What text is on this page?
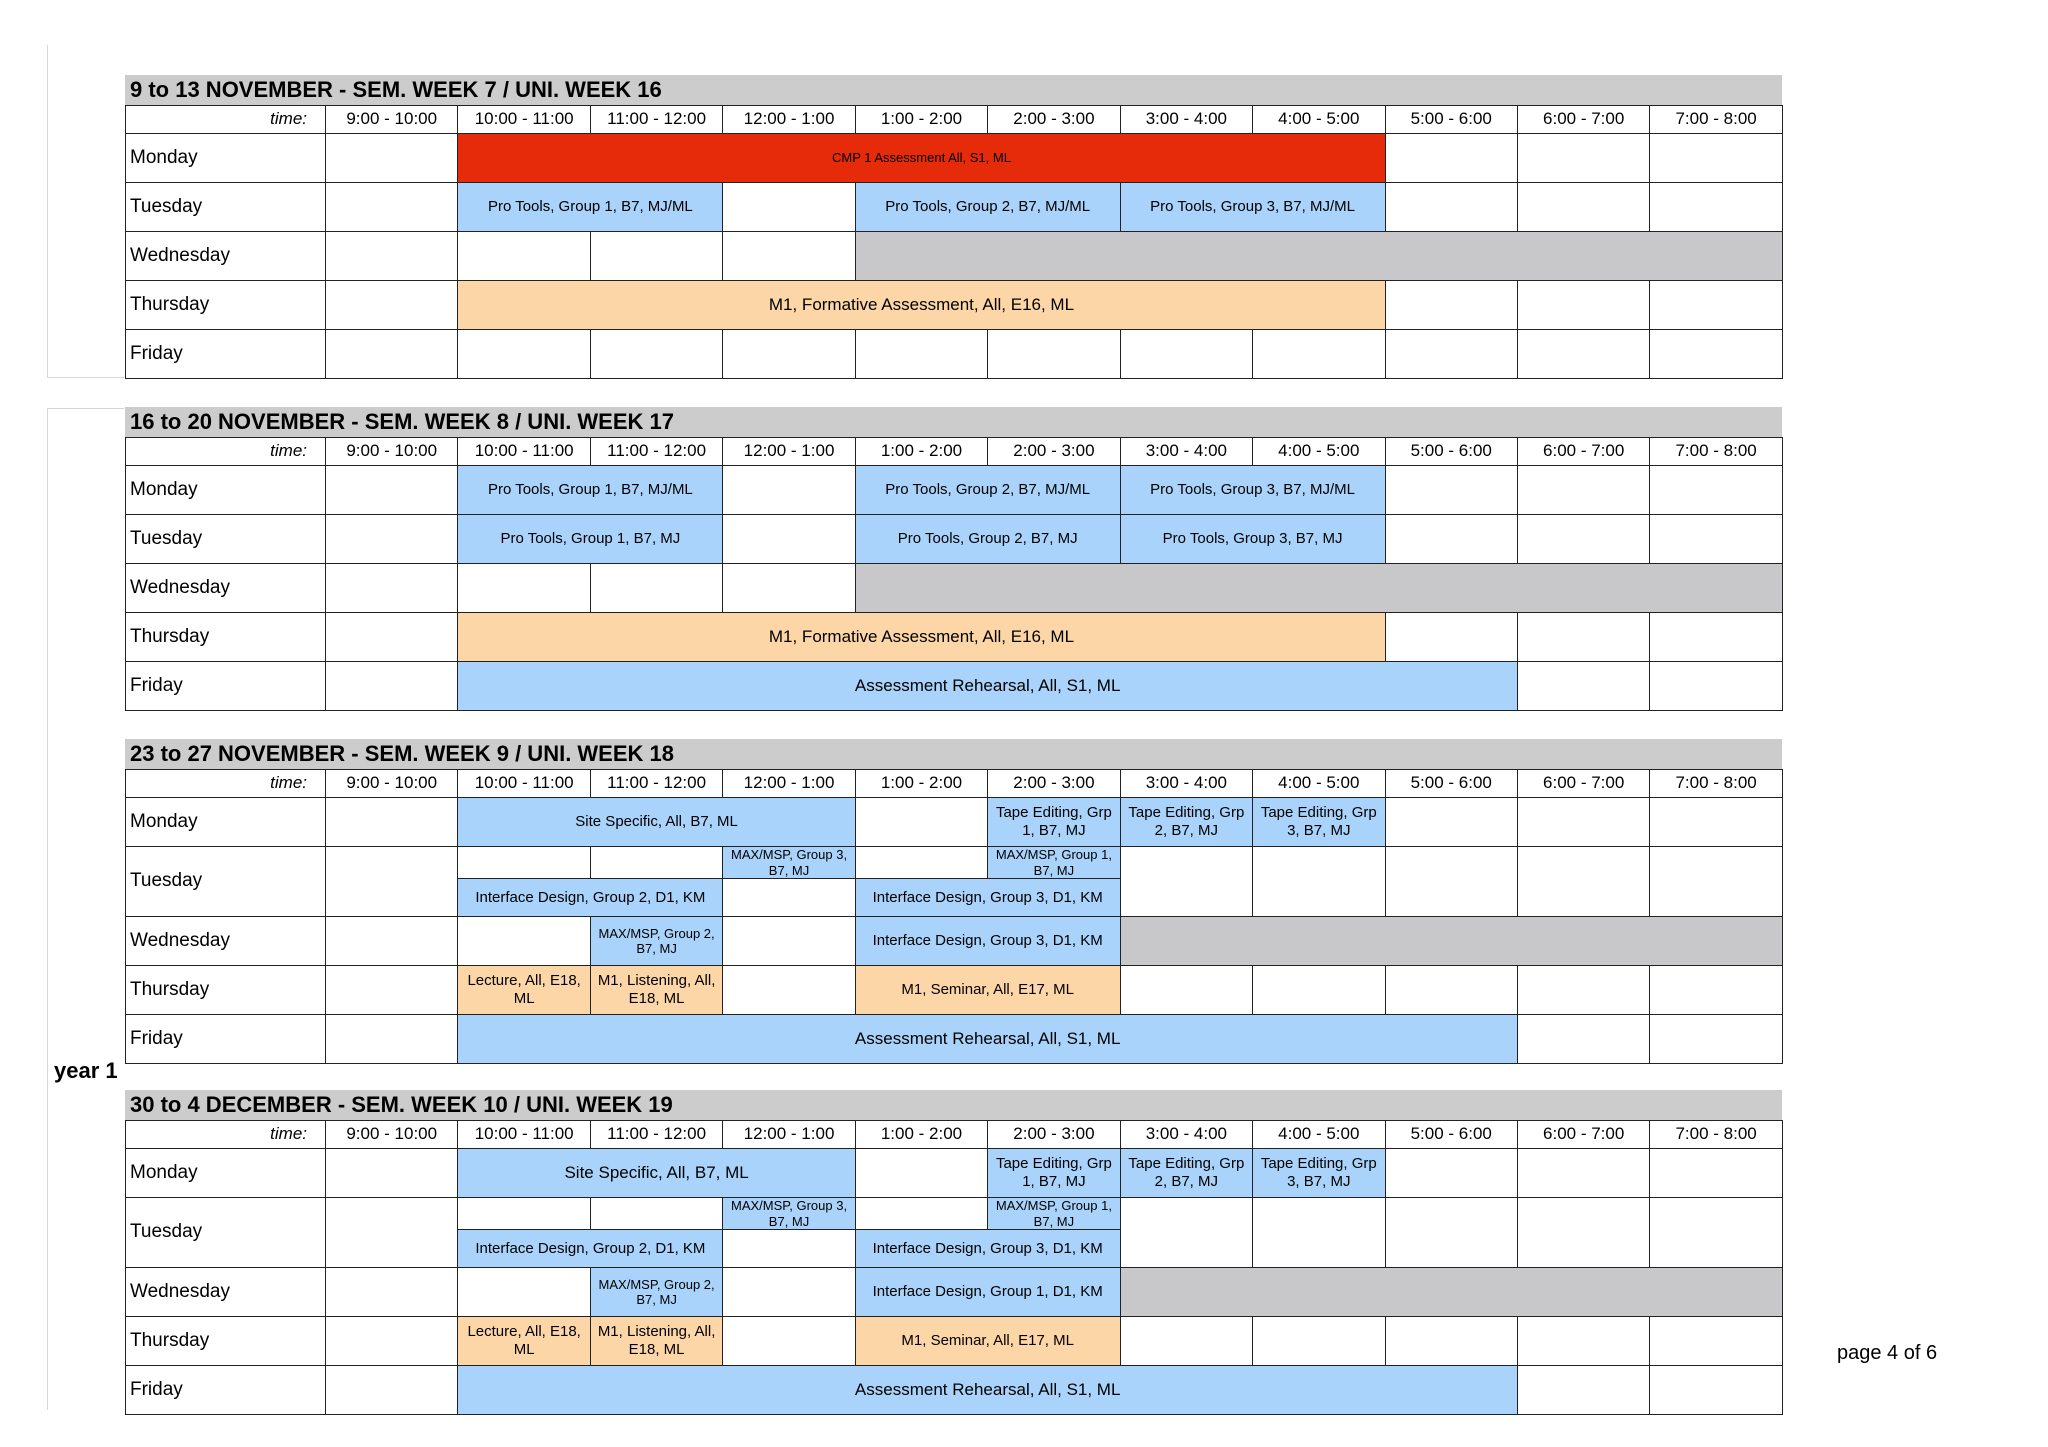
year 1
page 4 of 6
9 to 13 NOVEMBER - SEM. WEEK 7 / UNI. WEEK 16
time:	9:00 - 10:00	10:00 - 11:00	11:00 - 12:00	12:00 - 1:00	1:00 - 2:00	2:00 - 3:00	3:00 - 4:00	4:00 - 5:00	5:00 - 6:00	6:00 - 7:00	7:00 - 8:00
Monday		CMP 1 Assessment All, S1, ML									
Tuesday		Pro Tools, Group 1, B7, MJ/ML			Pro Tools, Group 2, B7, MJ/ML		Pro Tools, Group 3, B7, MJ/ML				
Wednesday											
Thursday		M1, Formative Assessment, All, E16, ML									
Friday											
16 to 20 NOVEMBER - SEM. WEEK 8 / UNI. WEEK 17
time:	9:00 - 10:00	10:00 - 11:00	11:00 - 12:00	12:00 - 1:00	1:00 - 2:00	2:00 - 3:00	3:00 - 4:00	4:00 - 5:00	5:00 - 6:00	6:00 - 7:00	7:00 - 8:00
Monday		Pro Tools, Group 1, B7, MJ/ML			Pro Tools, Group 2, B7, MJ/ML		Pro Tools, Group 3, B7, MJ/ML				
Tuesday		Pro Tools, Group 1, B7, MJ			Pro Tools, Group 2, B7, MJ		Pro Tools, Group 3, B7, MJ				
Wednesday											
Thursday		M1, Formative Assessment, All, E16, ML									
Friday		Assessment Rehearsal, All, S1, ML									
23 to 27 NOVEMBER - SEM. WEEK 9 / UNI. WEEK 18
time:	9:00 - 10:00	10:00 - 11:00	11:00 - 12:00	12:00 - 1:00	1:00 - 2:00	2:00 - 3:00	3:00 - 4:00	4:00 - 5:00	5:00 - 6:00	6:00 - 7:00	7:00 - 8:00
Monday		Site Specific, All, B7, ML				Tape Editing, Grp 1, B7, MJ	Tape Editing, Grp 2, B7, MJ	Tape Editing, Grp 3, B7, MJ			
Tuesday				MAX/MSP, Group 3, B7, MJ		MAX/MSP, Group 1, B7, MJ					
		Interface Design, Group 2, D1, KM			Interface Design, Group 3, D1, KM						
Wednesday			MAX/MSP, Group 2, B7, MJ		Interface Design, Group 3, D1, KM						
Thursday		Lecture, All, E18, ML	M1, Listening, All, E18, ML		M1, Seminar, All, E17, ML						
Friday		Assessment Rehearsal, All, S1, ML									
30 to 4 DECEMBER - SEM. WEEK 10 / UNI. WEEK 19
time:	9:00 - 10:00	10:00 - 11:00	11:00 - 12:00	12:00 - 1:00	1:00 - 2:00	2:00 - 3:00	3:00 - 4:00	4:00 - 5:00	5:00 - 6:00	6:00 - 7:00	7:00 - 8:00
Monday		Site Specific, All, B7, ML				Tape Editing, Grp 1, B7, MJ	Tape Editing, Grp 2, B7, MJ	Tape Editing, Grp 3, B7, MJ			
Tuesday				MAX/MSP, Group 3, B7, MJ		MAX/MSP, Group 1, B7, MJ					
		Interface Design, Group 2, D1, KM			Interface Design, Group 3, D1, KM						
Wednesday			MAX/MSP, Group 2, B7, MJ		Interface Design, Group 1, D1, KM						
Thursday		Lecture, All, E18, ML	M1, Listening, All, E18, ML		M1, Seminar, All, E17, ML						
Friday		Assessment Rehearsal, All, S1, ML									
